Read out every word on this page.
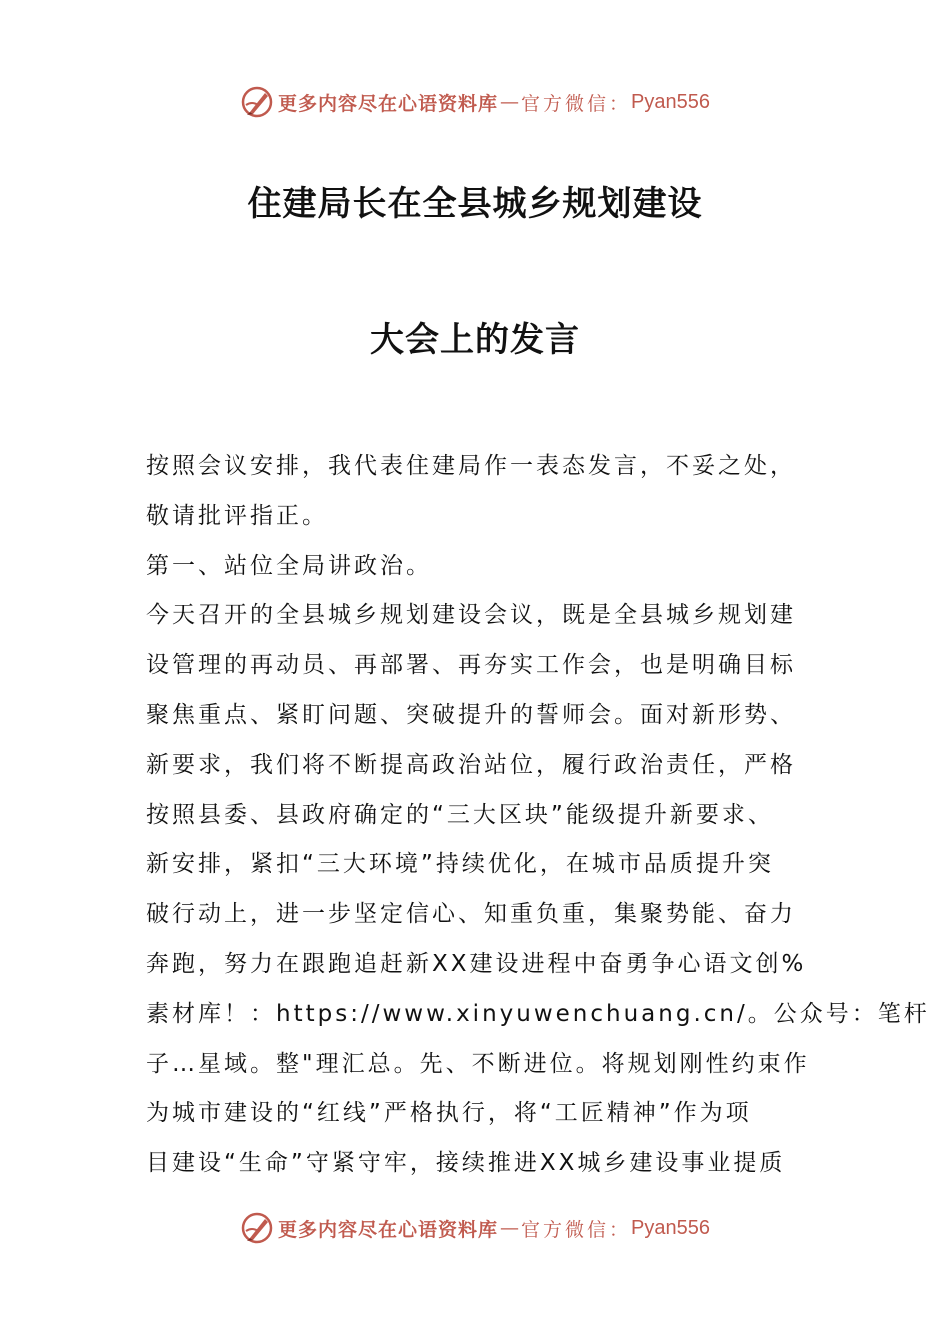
更多内容尽在心语资料库 — 官方微信： Pyan556
住建局长在全县城乡规划建设
大会上的发言
按照会议安排，我代表住建局作一表态发言，不妥之处，
敬请批评指正。
第一、站位全局讲政治。
今天召开的全县城乡规划建设会议，既是全县城乡规划建
设管理的再动员、再部署、再夯实工作会，也是明确目标
聚焦重点、紧盯问题、突破提升的誓师会。面对新形势、
新要求，我们将不断提高政治站位，履行政治责任，严格
按照县委、县政府确定的“三大区块”能级提升新要求、
新安排，紧扣“三大环境”持续优化，在城市品质提升突
破行动上，进一步坚定信心、知重负重，集聚势能、奋力
奔跑，努力在跟跑追赶新XX建设进程中奋勇争心语文创%
素材库！：https://www.xinyuwenchuang.cn/。公众号：笔杆
子…星域。整"理汇总。先、不断进位。将规划刚性约束作
为城市建设的“红线”严格执行，将“工匠精神”作为项
目建设“生命”守紧守牢，接续推进XX城乡建设事业提质
更多内容尽在心语资料库 — 官方微信： Pyan556
